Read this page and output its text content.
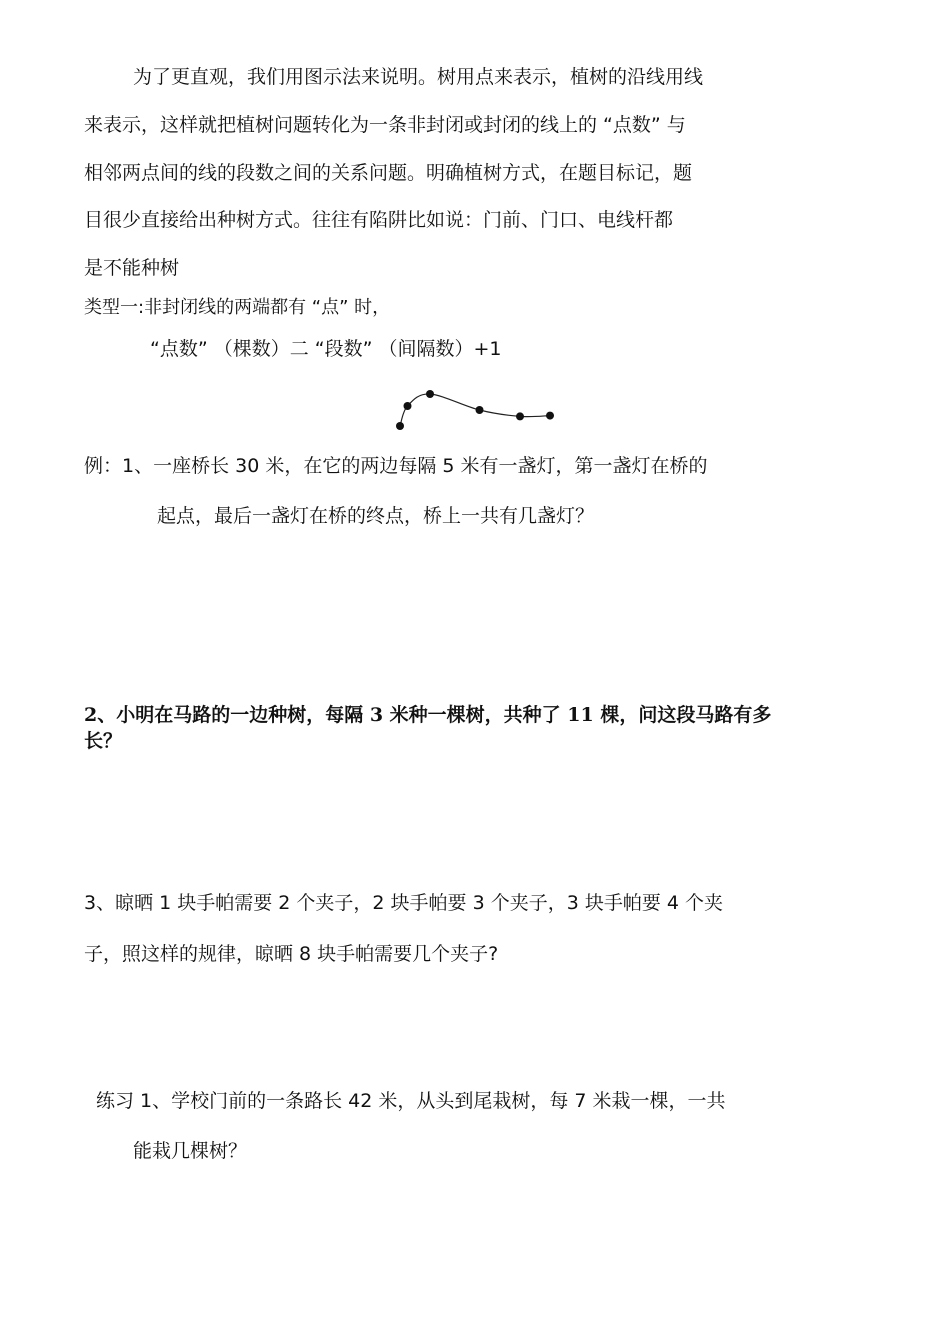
为了更直观，我们用图示法来说明。树用点来表示，植树的沿线用线
来表示，这样就把植树问题转化为一条非封闭或封闭的线上的 “点数” 与
相邻两点间的线的段数之间的关系问题。明确植树方式，在题目标记，题
目很少直接给出种树方式。往往有陷阱比如说：门前、门口、电线杆都
是不能种树
类型一:非封闭线的两端都有 “点” 时，
“点数” （棵数）二 “段数” （间隔数）+1
例：1、一座桥长 30 米，在它的两边每隔 5 米有一盏灯，第一盏灯在桥的
起点，最后一盏灯在桥的终点，桥上一共有几盏灯？
2、小明在马路的一边种树，每隔 3 米种一棵树，共种了 11 棵，问这段马路有多
长？
3、晾晒 1 块手帕需要 2 个夹子，2 块手帕要 3 个夹子，3 块手帕要 4 个夹
子，照这样的规律，晾晒 8 块手帕需要几个夹子?
练习 1、学校门前的一条路长 42 米，从头到尾栽树，每 7 米栽一棵，一共
能栽几棵树？
